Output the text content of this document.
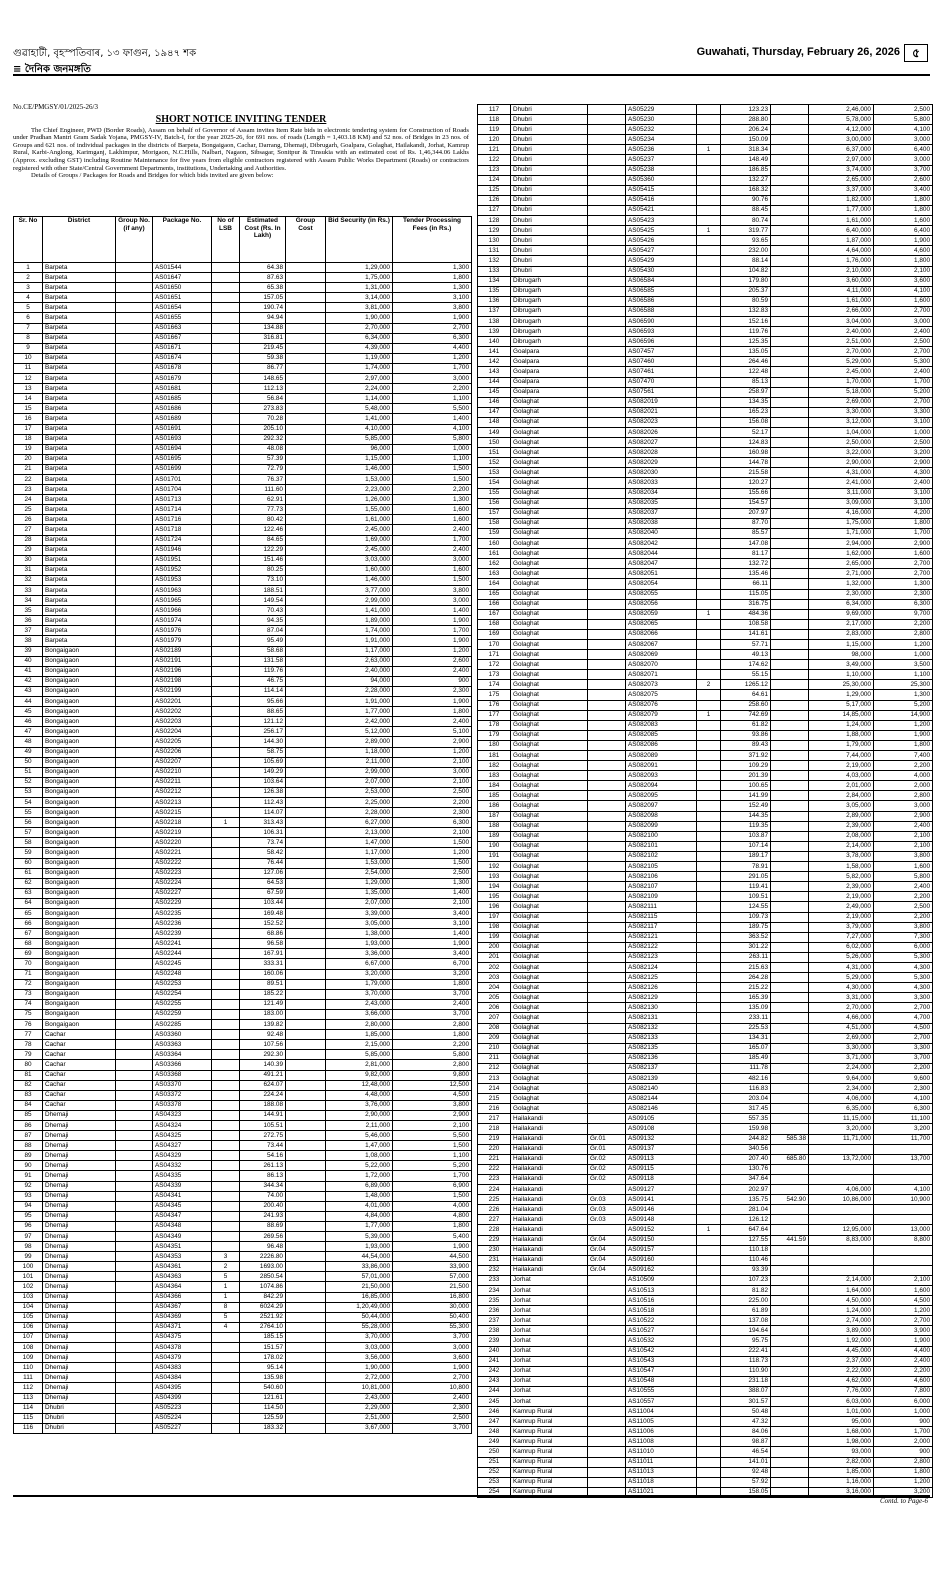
গুৱাহাটী, বৃহস্পতিবাৰ, ১৩ ফাগুন, ১৯৪৭ শক
≡ দৈনিক জনমঙ্গতি
Guwahati, Thursday, February 26, 2026	৫
No.CE/PMGSY/01/2025-26/3
SHORT NOTICE INVITING TENDER

The Chief Engineer, PWD (Border Roads), Assam on behalf of Governor of Assam invites Item Rate bids in electronic tendering system for Construction of Roads under Pradhan Mantri Gram Sadak Yojana, PMGSY-IV, Batch-I, for the year 2025-26, for 691 nos. of roads (Length = 1,403.18 KM) and 52 nos. of Bridges in 23 nos. of Groups and 621 nos. of individual packages in the districts of Barpeta, Bongaigaon, Cachar, Darrang, Dhemaji, Dibrugarh, Goalpara, Golaghat, Hailakandi, Jorhat, Kamrup Rural, Karbi-Anglong, Karimganj, Lakhimpur, Morigaon, N.C.Hills, Nalbari, Nagaon, Sibsagar, Sonitpur & Tinsukia with an estimated cost of Rs. 1,46,344.06 Lakhs (Approx. excluding GST) including Routine Maintenance for five years from eligible contractors registered with Assam Public Works Department (Roads) or contractors registered with other State/Central Government Departments, institutions, Undertaking and Authorities.

Details of Groups / Packages for Roads and Bridges for which bids invited are given below:

Sr. No	District	Group No. (if any)	Package No.	No of LSB	Estimated Cost (Rs. In Lakh)	Group Cost	Bid Security (in Rs.)	Tender Processing Fees (in Rs.)
1	Barpeta		AS01544		64.38		1,29,000	1,300
2	Barpeta		AS01647		87.63		1,75,000	1,800
3	Barpeta		AS01650		65.38		1,31,000	1,300
4	Barpeta		AS01651		157.05		3,14,000	3,100
5	Barpeta		AS01654		190.74		3,81,000	3,800
6	Barpeta		AS01655		94.94		1,90,000	1,900
7	Barpeta		AS01663		134.88		2,70,000	2,700
8	Barpeta		AS01667		316.81		6,34,000	6,300
9	Barpeta		AS01671		219.45		4,39,000	4,400
10	Barpeta		AS01674		59.38		1,19,000	1,200
11	Barpeta		AS01678		86.77		1,74,000	1,700
12	Barpeta		AS01679		148.65		2,97,000	3,000
13	Barpeta		AS01681		112.13		2,24,000	2,200
14	Barpeta		AS01685		56.84		1,14,000	1,100
15	Barpeta		AS01686		273.83		5,48,000	5,500
16	Barpeta		AS01689		70.28		1,41,000	1,400
17	Barpeta		AS01691		205.10		4,10,000	4,100
18	Barpeta		AS01693		292.32		5,85,000	5,800
19	Barpeta		AS01694		48.08		96,000	1,000
20	Barpeta		AS01695		57.39		1,15,000	1,100
21	Barpeta		AS01699		72.79		1,46,000	1,500
22	Barpeta		AS01701		76.37		1,53,000	1,500
23	Barpeta		AS01704		111.60		2,23,000	2,200
24	Barpeta		AS01713		62.91		1,26,000	1,300
25	Barpeta		AS01714		77.73		1,55,000	1,600
26	Barpeta		AS01716		80.42		1,61,000	1,600
27	Barpeta		AS01718		122.46		2,45,000	2,400
28	Barpeta		AS01724		84.65		1,69,000	1,700
29	Barpeta		AS01946		122.29		2,45,000	2,400
30	Barpeta		AS01951		151.46		3,03,000	3,000
31	Barpeta		AS01952		80.25		1,60,000	1,600
32	Barpeta		AS01953		73.10		1,46,000	1,500
33	Barpeta		AS01963		188.51		3,77,000	3,800
34	Barpeta		AS01965		149.54		2,99,000	3,000
35	Barpeta		AS01966		70.43		1,41,000	1,400
36	Barpeta		AS01974		94.35		1,89,000	1,900
37	Barpeta		AS01976		87.04		1,74,000	1,700
38	Barpeta		AS01979		95.49		1,91,000	1,900
39	Bongaigaon		AS02189		58.68		1,17,000	1,200
40	Bongaigaon		AS02191		131.58		2,63,000	2,600
41	Bongaigaon		AS02196		119.76		2,40,000	2,400
42	Bongaigaon		AS02198		46.75		94,000	900
43	Bongaigaon		AS02199		114.14		2,28,000	2,300
44	Bongaigaon		AS02201		95.66		1,91,000	1,900
45	Bongaigaon		AS02202		88.65		1,77,000	1,800
46	Bongaigaon		AS02203		121.12		2,42,000	2,400
47	Bongaigaon		AS02204		256.17		5,12,000	5,100
48	Bongaigaon		AS02205		144.30		2,89,000	2,900
49	Bongaigaon		AS02206		58.75		1,18,000	1,200
50	Bongaigaon		AS02207		105.69		2,11,000	2,100
51	Bongaigaon		AS02210		149.29		2,99,000	3,000
52	Bongaigaon		AS02211		103.64		2,07,000	2,100
53	Bongaigaon		AS02212		126.38		2,53,000	2,500
54	Bongaigaon		AS02213		112.43		2,25,000	2,200
55	Bongaigaon		AS02215		114.07		2,28,000	2,300
56	Bongaigaon		AS02218	1	313.43		6,27,000	6,300
57	Bongaigaon		AS02219		106.31		2,13,000	2,100
58	Bongaigaon		AS02220		73.74		1,47,000	1,500
59	Bongaigaon		AS02221		58.42		1,17,000	1,200
60	Bongaigaon		AS02222		76.44		1,53,000	1,500
61	Bongaigaon		AS02223		127.06		2,54,000	2,500
62	Bongaigaon		AS02224		64.53		1,29,000	1,300
63	Bongaigaon		AS02227		67.59		1,35,000	1,400
64	Bongaigaon		AS02229		103.44		2,07,000	2,100
65	Bongaigaon		AS02235		169.48		3,39,000	3,400
66	Bongaigaon		AS02236		152.52		3,05,000	3,100
67	Bongaigaon		AS02239		68.86		1,38,000	1,400
68	Bongaigaon		AS02241		96.58		1,93,000	1,900
69	Bongaigaon		AS02244		167.91		3,36,000	3,400
70	Bongaigaon		AS02245		333.31		6,67,000	6,700
71	Bongaigaon		AS02248		160.06		3,20,000	3,200
72	Bongaigaon		AS02253		89.51		1,79,000	1,800
73	Bongaigaon		AS02254		185.22		3,70,000	3,700
74	Bongaigaon		AS02255		121.49		2,43,000	2,400
75	Bongaigaon		AS02259		183.00		3,66,000	3,700
76	Bongaigaon		AS02285		139.82		2,80,000	2,800
77	Cachar		AS03360		92.48		1,85,000	1,800
78	Cachar		AS03363		107.56		2,15,000	2,200
79	Cachar		AS03364		292.30		5,85,000	5,800
80	Cachar		AS03366		140.39		2,81,000	2,800
81	Cachar		AS03368		491.21		9,82,000	9,800
82	Cachar		AS03370		624.07		12,48,000	12,500
83	Cachar		AS03372		224.24		4,48,000	4,500
84	Cachar		AS03378		188.08		3,76,000	3,800
85	Dhemaji		AS04323		144.91		2,90,000	2,900
86	Dhemaji		AS04324		105.51		2,11,000	2,100
87	Dhemaji		AS04325		272.75		5,46,000	5,500
88	Dhemaji		AS04327		73.44		1,47,000	1,500
89	Dhemaji		AS04329		54.16		1,08,000	1,100
90	Dhemaji		AS04332		261.13		5,22,000	5,200
91	Dhemaji		AS04335		86.13		1,72,000	1,700
92	Dhemaji		AS04339		344.34		6,89,000	6,900
93	Dhemaji		AS04341		74.00		1,48,000	1,500
94	Dhemaji		AS04345		200.40		4,01,000	4,000
95	Dhemaji		AS04347		241.93		4,84,000	4,800
96	Dhemaji		AS04348		88.69		1,77,000	1,800
97	Dhemaji		AS04349		269.56		5,39,000	5,400
98	Dhemaji		AS04351		96.48		1,93,000	1,900
99	Dhemaji		AS04353	3	2226.80		44,54,000	44,500
100	Dhemaji		AS04361	2	1693.00		33,86,000	33,900
101	Dhemaji		AS04363	5	2850.54		57,01,000	57,000
102	Dhemaji		AS04364	1	1074.86		21,50,000	21,500
103	Dhemaji		AS04366	1	842.29		16,85,000	16,800
104	Dhemaji		AS04367	8	6024.29		1,20,49,000	30,000
105	Dhemaji		AS04369	5	2521.92		50,44,000	50,400
106	Dhemaji		AS04371	4	2764.10		55,28,000	55,300
107	Dhemaji		AS04375		185.15		3,70,000	3,700
108	Dhemaji		AS04378		151.57		3,03,000	3,000
109	Dhemaji		AS04379		178.02		3,56,000	3,600
110	Dhemaji		AS04383		95.14		1,90,000	1,900
111	Dhemaji		AS04384		135.98		2,72,000	2,700
112	Dhemaji		AS04395		540.60		10,81,000	10,800
113	Dhemaji		AS04399		121.61		2,43,000	2,400
114	Dhubri		AS05223		114.50		2,29,000	2,300
115	Dhubri		AS05224		125.59		2,51,000	2,500
116	Dhubri		AS05227		183.32		3,67,000	3,700
117	Dhubri		AS05229		123.23		2,46,000	2,500
118	Dhubri		AS05230		288.80		5,78,000	5,800
119	Dhubri		AS05232		206.24		4,12,000	4,100
120	Dhubri		AS05234		150.09		3,00,000	3,000
121	Dhubri		AS05236	1	318.34		6,37,000	6,400
122	Dhubri		AS05237		148.49		2,97,000	3,000
123	Dhubri		AS05238		186.85		3,74,000	3,700
124	Dhubri		AS05360		132.27		2,65,000	2,600
125	Dhubri		AS05415		168.32		3,37,000	3,400
126	Dhubri		AS05416		90.76		1,82,000	1,800
127	Dhubri		AS05421		88.45		1,77,000	1,800
128	Dhubri		AS05423		80.74		1,61,000	1,600
129	Dhubri		AS05425	1	319.77		6,40,000	6,400
130	Dhubri		AS05426		93.65		1,87,000	1,900
131	Dhubri		AS05427		232.00		4,64,000	4,600
132	Dhubri		AS05429		88.14		1,76,000	1,800
133	Dhubri		AS05430		104.82		2,10,000	2,100
134	Dibrugarh		AS06584		179.80		3,60,000	3,600
135	Dibrugarh		AS06585		205.37		4,11,000	4,100
136	Dibrugarh		AS06586		80.59		1,61,000	1,600
137	Dibrugarh		AS06588		132.83		2,66,000	2,700
138	Dibrugarh		AS06590		152.16		3,04,000	3,000
139	Dibrugarh		AS06593		119.76		2,40,000	2,400
140	Dibrugarh		AS06596		125.35		2,51,000	2,500
141	Goalpara		AS07457		135.05		2,70,000	2,700
142	Goalpara		AS07460		264.46		5,29,000	5,300
143	Goalpara		AS07461		122.48		2,45,000	2,400
144	Goalpara		AS07470		85.13		1,70,000	1,700
145	Goalpara		AS07561		258.97		5,18,000	5,200
146	Golaghat		AS082019		134.35		2,69,000	2,700
147	Golaghat		AS082021		165.23		3,30,000	3,300
148	Golaghat		AS082023		156.08		3,12,000	3,100
149	Golaghat		AS082026		52.17		1,04,000	1,000
150	Golaghat		AS082027		124.83		2,50,000	2,500
151	Golaghat		AS082028		160.98		3,22,000	3,200
152	Golaghat		AS082029		144.78		2,90,000	2,900
153	Golaghat		AS082030		215.58		4,31,000	4,300
154	Golaghat		AS082033		120.27		2,41,000	2,400
155	Golaghat		AS082034		155.66		3,11,000	3,100
156	Golaghat		AS082035		154.57		3,09,000	3,100
157	Golaghat		AS082037		207.97		4,16,000	4,200
158	Golaghat		AS082038		87.70		1,75,000	1,800
159	Golaghat		AS082040		85.57		1,71,000	1,700
160	Golaghat		AS082042		147.08		2,94,000	2,900
161	Golaghat		AS082044		81.17		1,62,000	1,600
162	Golaghat		AS082047		132.72		2,65,000	2,700
163	Golaghat		AS082051		135.46		2,71,000	2,700
164	Golaghat		AS082054		66.11		1,32,000	1,300
165	Golaghat		AS082055		115.05		2,30,000	2,300
166	Golaghat		AS082056		316.75		6,34,000	6,300
167	Golaghat		AS082059	1	484.36		9,69,000	9,700
168	Golaghat		AS082065		108.58		2,17,000	2,200
169	Golaghat		AS082066		141.61		2,83,000	2,800
170	Golaghat		AS082067		57.71		1,15,000	1,200
171	Golaghat		AS082069		49.13		98,000	1,000
172	Golaghat		AS082070		174.62		3,49,000	3,500
173	Golaghat		AS082071		55.15		1,10,000	1,100
174	Golaghat		AS082073	2	1265.12		25,30,000	25,300
175	Golaghat		AS082075		64.61		1,29,000	1,300
176	Golaghat		AS082076		258.60		5,17,000	5,200
177	Golaghat		AS082079	1	742.69		14,85,000	14,900
178	Golaghat		AS082083		61.82		1,24,000	1,200
179	Golaghat		AS082085		93.86		1,88,000	1,900
180	Golaghat		AS082086		89.43		1,79,000	1,800
181	Golaghat		AS082089		371.92		7,44,000	7,400
182	Golaghat		AS082091		109.29		2,19,000	2,200
183	Golaghat		AS082093		201.39		4,03,000	4,000
184	Golaghat		AS082094		100.65		2,01,000	2,000
185	Golaghat		AS082095		141.99		2,84,000	2,800
186	Golaghat		AS082097		152.49		3,05,000	3,000
187	Golaghat		AS082098		144.35		2,89,000	2,900
188	Golaghat		AS082099		119.35		2,39,000	2,400
189	Golaghat		AS082100		103.87		2,08,000	2,100
190	Golaghat		AS082101		107.14		2,14,000	2,100
191	Golaghat		AS082102		189.17		3,78,000	3,800
192	Golaghat		AS082105		78.91		1,58,000	1,600
193	Golaghat		AS082106		291.05		5,82,000	5,800
194	Golaghat		AS082107		119.41		2,39,000	2,400
195	Golaghat		AS082109		109.51		2,19,000	2,200
196	Golaghat		AS082111		124.55		2,49,000	2,500
197	Golaghat		AS082115		109.73		2,19,000	2,200
198	Golaghat		AS082117		189.75		3,79,000	3,800
199	Golaghat		AS082121		363.52		7,27,000	7,300
200	Golaghat		AS082122		301.22		6,02,000	6,000
201	Golaghat		AS082123		263.11		5,26,000	5,300
202	Golaghat		AS082124		215.63		4,31,000	4,300
203	Golaghat		AS082125		264.28		5,29,000	5,300
204	Golaghat		AS082126		215.22		4,30,000	4,300
205	Golaghat		AS082129		165.39		3,31,000	3,300
206	Golaghat		AS082130		135.09		2,70,000	2,700
207	Golaghat		AS082131		233.11		4,66,000	4,700
208	Golaghat		AS082132		225.53		4,51,000	4,500
209	Golaghat		AS082133		134.31		2,69,000	2,700
210	Golaghat		AS082135		165.07		3,30,000	3,300
211	Golaghat		AS082136		185.49		3,71,000	3,700
212	Golaghat		AS082137		111.78		2,24,000	2,200
213	Golaghat		AS082139		482.16		9,64,000	9,600
214	Golaghat		AS082140		116.83		2,34,000	2,300
215	Golaghat		AS082144		203.04		4,06,000	4,100
216	Golaghat		AS082146		317.45		6,35,000	6,300
217	Hailakandi		AS09105		557.35		11,15,000	11,100
218	Hailakandi		AS09108		159.98		3,20,000	3,200
219	Hailakandi	Gr.01	AS09132		244.82	585.38	11,71,000	11,700
220	Hailakandi	Gr.01	AS09137		340.56			
221	Hailakandi	Gr.02	AS09113		207.40	685.80	13,72,000	13,700
222	Hailakandi	Gr.02	AS09115		130.76			
223	Hailakandi	Gr.02	AS09118		347.64			
224	Hailakandi		AS09127		202.97		4,06,000	4,100
225	Hailakandi	Gr.03	AS09141		135.75	542.90	10,86,000	10,900
226	Hailakandi	Gr.03	AS09146		281.04			
227	Hailakandi	Gr.03	AS09148		126.12			
228	Hailakandi		AS09152	1	647.64		12,95,000	13,000
229	Hailakandi	Gr.04	AS09150		127.55	441.59	8,83,000	8,800
230	Hailakandi	Gr.04	AS09157		110.18			
231	Hailakandi	Gr.04	AS09160		110.46			
232	Hailakandi	Gr.04	AS09162		93.39			
233	Jorhat		AS10509		107.23		2,14,000	2,100
234	Jorhat		AS10513		81.82		1,64,000	1,600
235	Jorhat		AS10516		225.00		4,50,000	4,500
236	Jorhat		AS10518		61.89		1,24,000	1,200
237	Jorhat		AS10522		137.08		2,74,000	2,700
238	Jorhat		AS10527		194.64		3,89,000	3,900
239	Jorhat		AS10532		95.75		1,92,000	1,900
240	Jorhat		AS10542		222.41		4,45,000	4,400
241	Jorhat		AS10543		118.73		2,37,000	2,400
242	Jorhat		AS10547		110.90		2,22,000	2,200
243	Jorhat		AS10548		231.18		4,62,000	4,600
244	Jorhat		AS10555		388.07		7,76,000	7,800
245	Jorhat		AS10557		301.57		6,03,000	6,000
246	Kamrup Rural		AS11004		50.48		1,01,000	1,000
247	Kamrup Rural		AS11005		47.32		95,000	900
248	Kamrup Rural		AS11006		84.06		1,68,000	1,700
249	Kamrup Rural		AS11008		98.87		1,98,000	2,000
250	Kamrup Rural		AS11010		46.54		93,000	900
251	Kamrup Rural		AS11011		141.01		2,82,000	2,800
252	Kamrup Rural		AS11013		92.48		1,85,000	1,800
253	Kamrup Rural		AS11018		57.92		1,16,000	1,200
254	Kamrup Rural		AS11021		158.05		3,16,000	3,200
Contd. to Page-6
